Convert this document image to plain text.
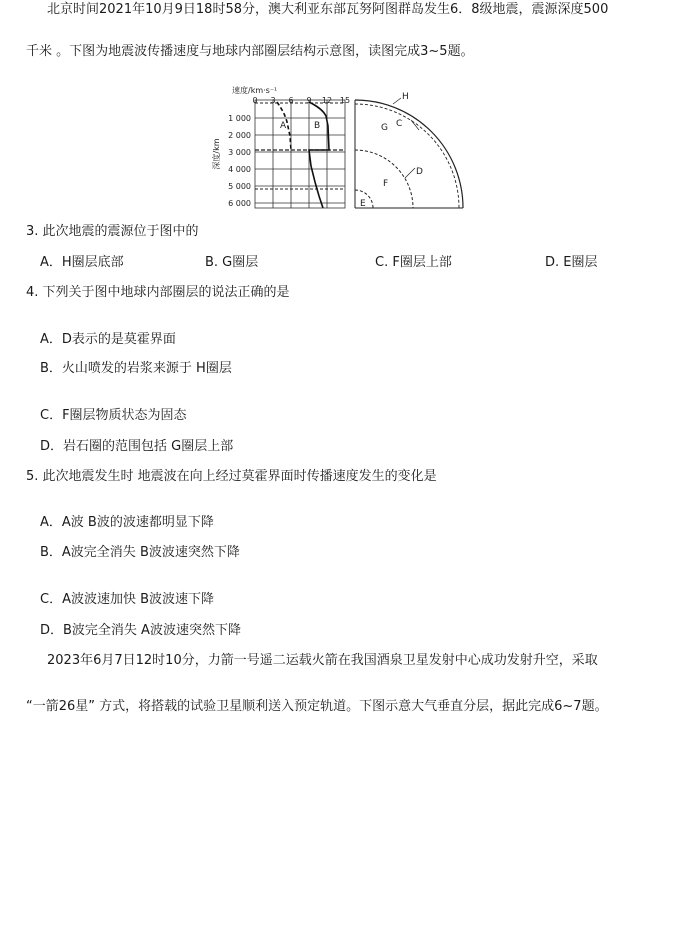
北京时间2021年10月9日18时58分，澳大利亚东部瓦努阿图群岛发生6．8级地震，震源深度500
千米 。下图为地震波传播速度与地球内部圈层结构示意图，读图完成3~5题。
速度/km·s⁻¹
0 3 6 9 12 15
深度/km
1 000
2 000
3 000
4 000
5 000
6 000
A	B
H
C
G
D
F
E
3. 此次地震的震源位于图中的
A．H圈层底部	B. G圈层	C. F圈层上部	D. E圈层
4. 下列关于图中地球内部圈层的说法正确的是
A．D表示的是莫霍界面
B．火山喷发的岩浆来源于 H圈层
C．F圈层物质状态为固态
D．岩石圈的范围包括 G圈层上部
5. 此次地震发生时 地震波在向上经过莫霍界面时传播速度发生的变化是
A．A波 B波的波速都明显下降
B．A波完全消失 B波波速突然下降
C．A波波速加快 B波波速下降
D．B波完全消失 A波波速突然下降
2023年6月7日12时10分，力箭一号遥二运载火箭在我国酒泉卫星发射中心成功发射升空，采取
“一箭26星” 方式，将搭载的试验卫星顺利送入预定轨道。下图示意大气垂直分层，据此完成6~7题。
